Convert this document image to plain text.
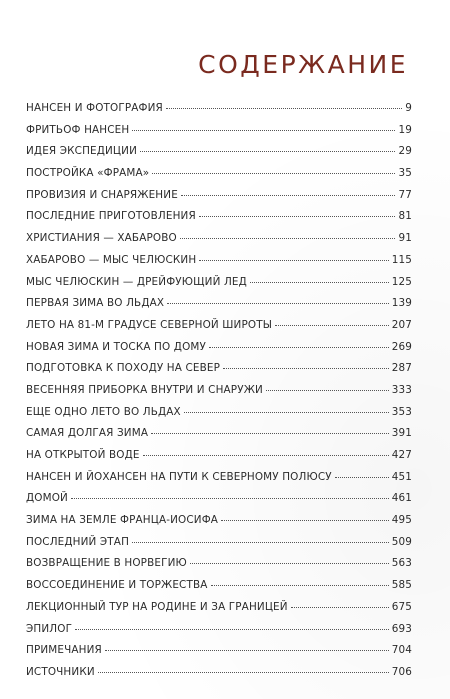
СОДЕРЖАНИЕ
НАНСЕН И ФОТОГРАФИЯ	9
ФРИТЬОФ НАНСЕН	19
ИДЕЯ ЭКСПЕДИЦИИ	29
ПОСТРОЙКА «ФРАМА»	35
ПРОВИЗИЯ И СНАРЯЖЕНИЕ	77
ПОСЛЕДНИЕ ПРИГОТОВЛЕНИЯ	81
ХРИСТИАНИЯ — ХАБАРОВО	91
ХАБАРОВО — МЫС ЧЕЛЮСКИН	115
МЫС ЧЕЛЮСКИН — ДРЕЙФУЮЩИЙ ЛЕД	125
ПЕРВАЯ ЗИМА ВО ЛЬДАХ	139
ЛЕТО НА 81-М ГРАДУСЕ СЕВЕРНОЙ ШИРОТЫ	207
НОВАЯ ЗИМА И ТОСКА ПО ДОМУ	269
ПОДГОТОВКА К ПОХОДУ НА СЕВЕР	287
ВЕСЕННЯЯ ПРИБОРКА ВНУТРИ И СНАРУЖИ	333
ЕЩЕ ОДНО ЛЕТО ВО ЛЬДАХ	353
САМАЯ ДОЛГАЯ ЗИМА	391
НА ОТКРЫТОЙ ВОДЕ	427
НАНСЕН И ЙОХАНСЕН НА ПУТИ К СЕВЕРНОМУ ПОЛЮСУ	451
ДОМОЙ	461
ЗИМА НА ЗЕМЛЕ ФРАНЦА-ИОСИФА	495
ПОСЛЕДНИЙ ЭТАП	509
ВОЗВРАЩЕНИЕ В НОРВЕГИЮ	563
ВОССОЕДИНЕНИЕ И ТОРЖЕСТВА	585
ЛЕКЦИОННЫЙ ТУР НА РОДИНЕ И ЗА ГРАНИЦЕЙ	675
ЭПИЛОГ	693
ПРИМЕЧАНИЯ	704
ИСТОЧНИКИ	706
